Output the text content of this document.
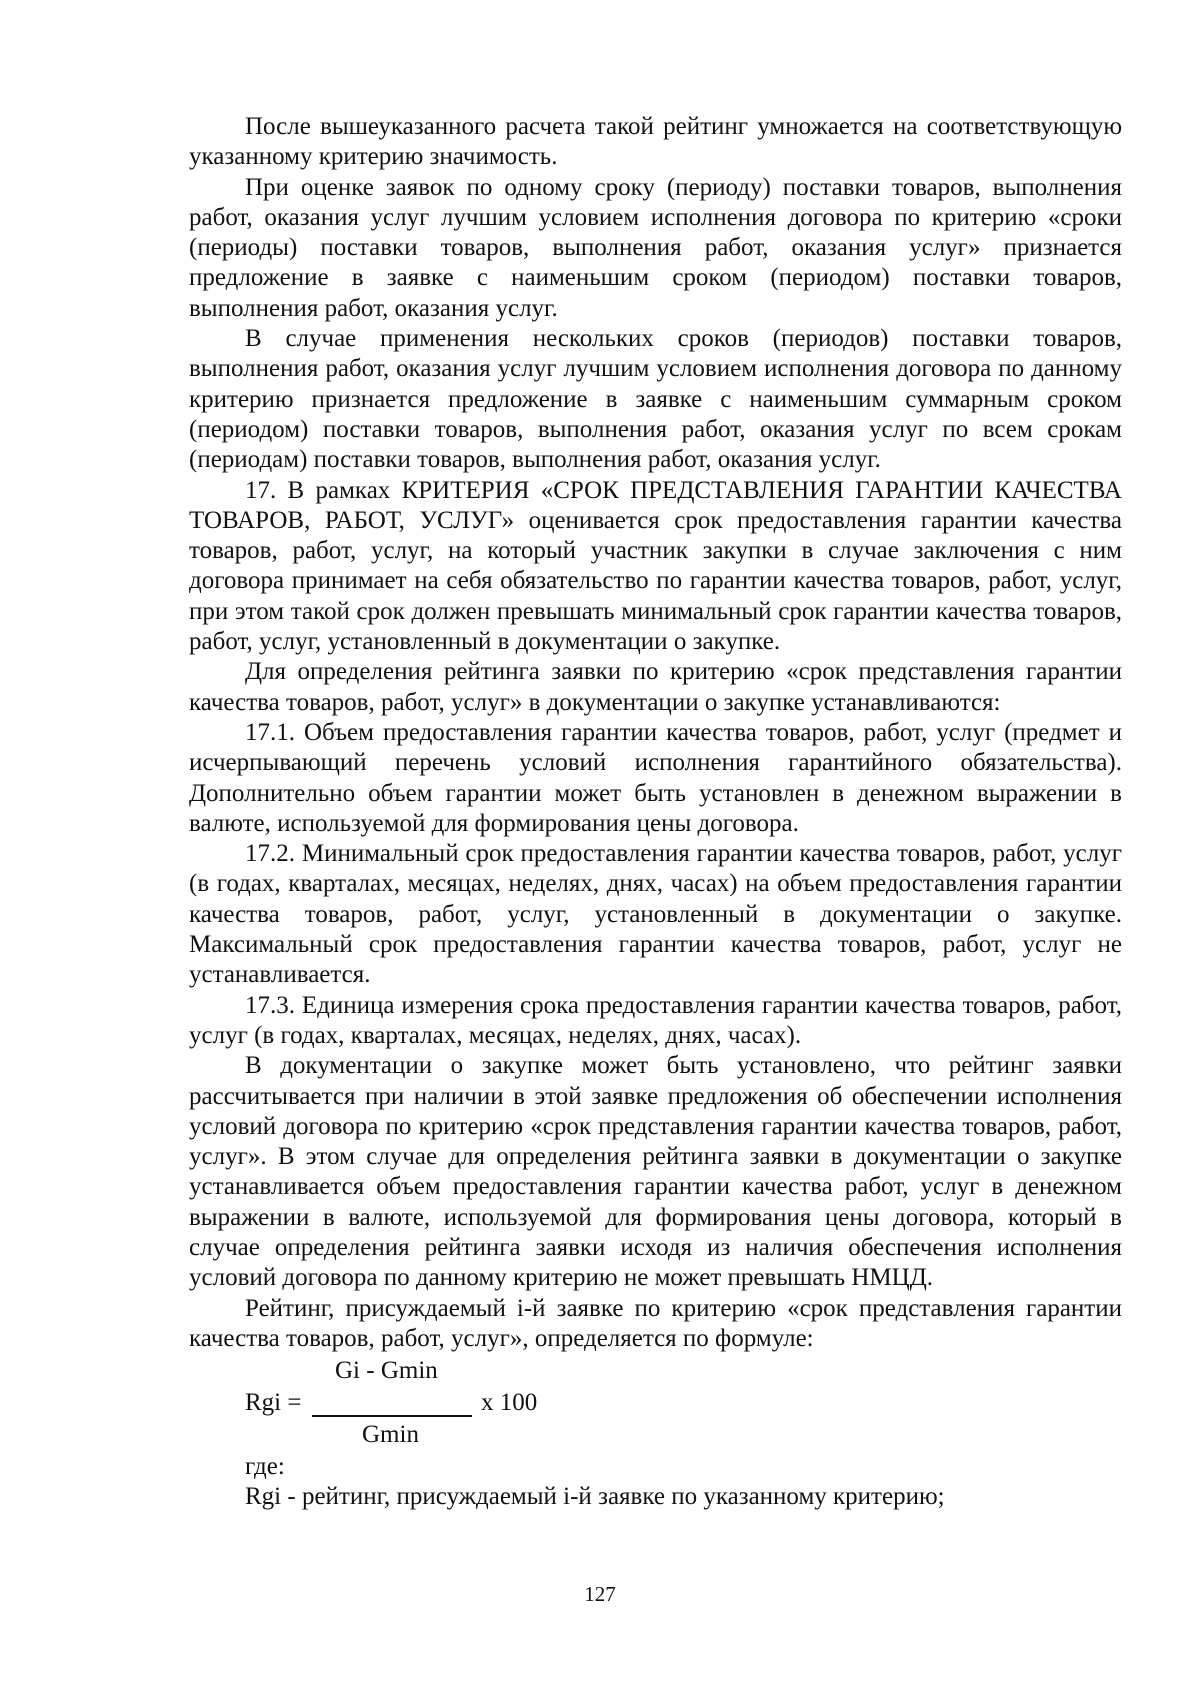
После вышеуказанного расчета такой рейтинг умножается на соответствующую указанному критерию значимость.

При оценке заявок по одному сроку (периоду) поставки товаров, выполнения работ, оказания услуг лучшим условием исполнения договора по критерию «сроки (периоды) поставки товаров, выполнения работ, оказания услуг» признается предложение в заявке с наименьшим сроком (периодом) поставки товаров, выполнения работ, оказания услуг.

В случае применения нескольких сроков (периодов) поставки товаров, выполнения работ, оказания услуг лучшим условием исполнения договора по данному критерию признается предложение в заявке с наименьшим суммарным сроком (периодом) поставки товаров, выполнения работ, оказания услуг по всем срокам (периодам) поставки товаров, выполнения работ, оказания услуг.

17. В рамках КРИТЕРИЯ «СРОК ПРЕДСТАВЛЕНИЯ ГАРАНТИИ КАЧЕСТВА ТОВАРОВ, РАБОТ, УСЛУГ» оценивается срок предоставления гарантии качества товаров, работ, услуг, на который участник закупки в случае заключения с ним договора принимает на себя обязательство по гарантии качества товаров, работ, услуг, при этом такой срок должен превышать минимальный срок гарантии качества товаров, работ, услуг, установленный в документации о закупке.

Для определения рейтинга заявки по критерию «срок представления гарантии качества товаров, работ, услуг» в документации о закупке устанавливаются:

17.1. Объем предоставления гарантии качества товаров, работ, услуг (предмет и исчерпывающий перечень условий исполнения гарантийного обязательства). Дополнительно объем гарантии может быть установлен в денежном выражении в валюте, используемой для формирования цены договора.

17.2. Минимальный срок предоставления гарантии качества товаров, работ, услуг (в годах, кварталах, месяцах, неделях, днях, часах) на объем предоставления гарантии качества товаров, работ, услуг, установленный в документации о закупке. Максимальный срок предоставления гарантии качества товаров, работ, услуг не устанавливается.

17.3. Единица измерения срока предоставления гарантии качества товаров, работ, услуг (в годах, кварталах, месяцах, неделях, днях, часах).

В документации о закупке может быть установлено, что рейтинг заявки рассчитывается при наличии в этой заявке предложения об обеспечении исполнения условий договора по критерию «срок представления гарантии качества товаров, работ, услуг». В этом случае для определения рейтинга заявки в документации о закупке устанавливается объем предоставления гарантии качества работ, услуг в денежном выражении в валюте, используемой для формирования цены договора, который в случае определения рейтинга заявки исходя из наличия обеспечения исполнения условий договора по данному критерию не может превышать НМЦД.

Рейтинг, присуждаемый i-й заявке по критерию «срок представления гарантии качества товаров, работ, услуг», определяется по формуле:

Gi - Gmin
Rgi =	x 100
Gmin

где:

Rgi - рейтинг, присуждаемый i-й заявке по указанному критерию;

127
